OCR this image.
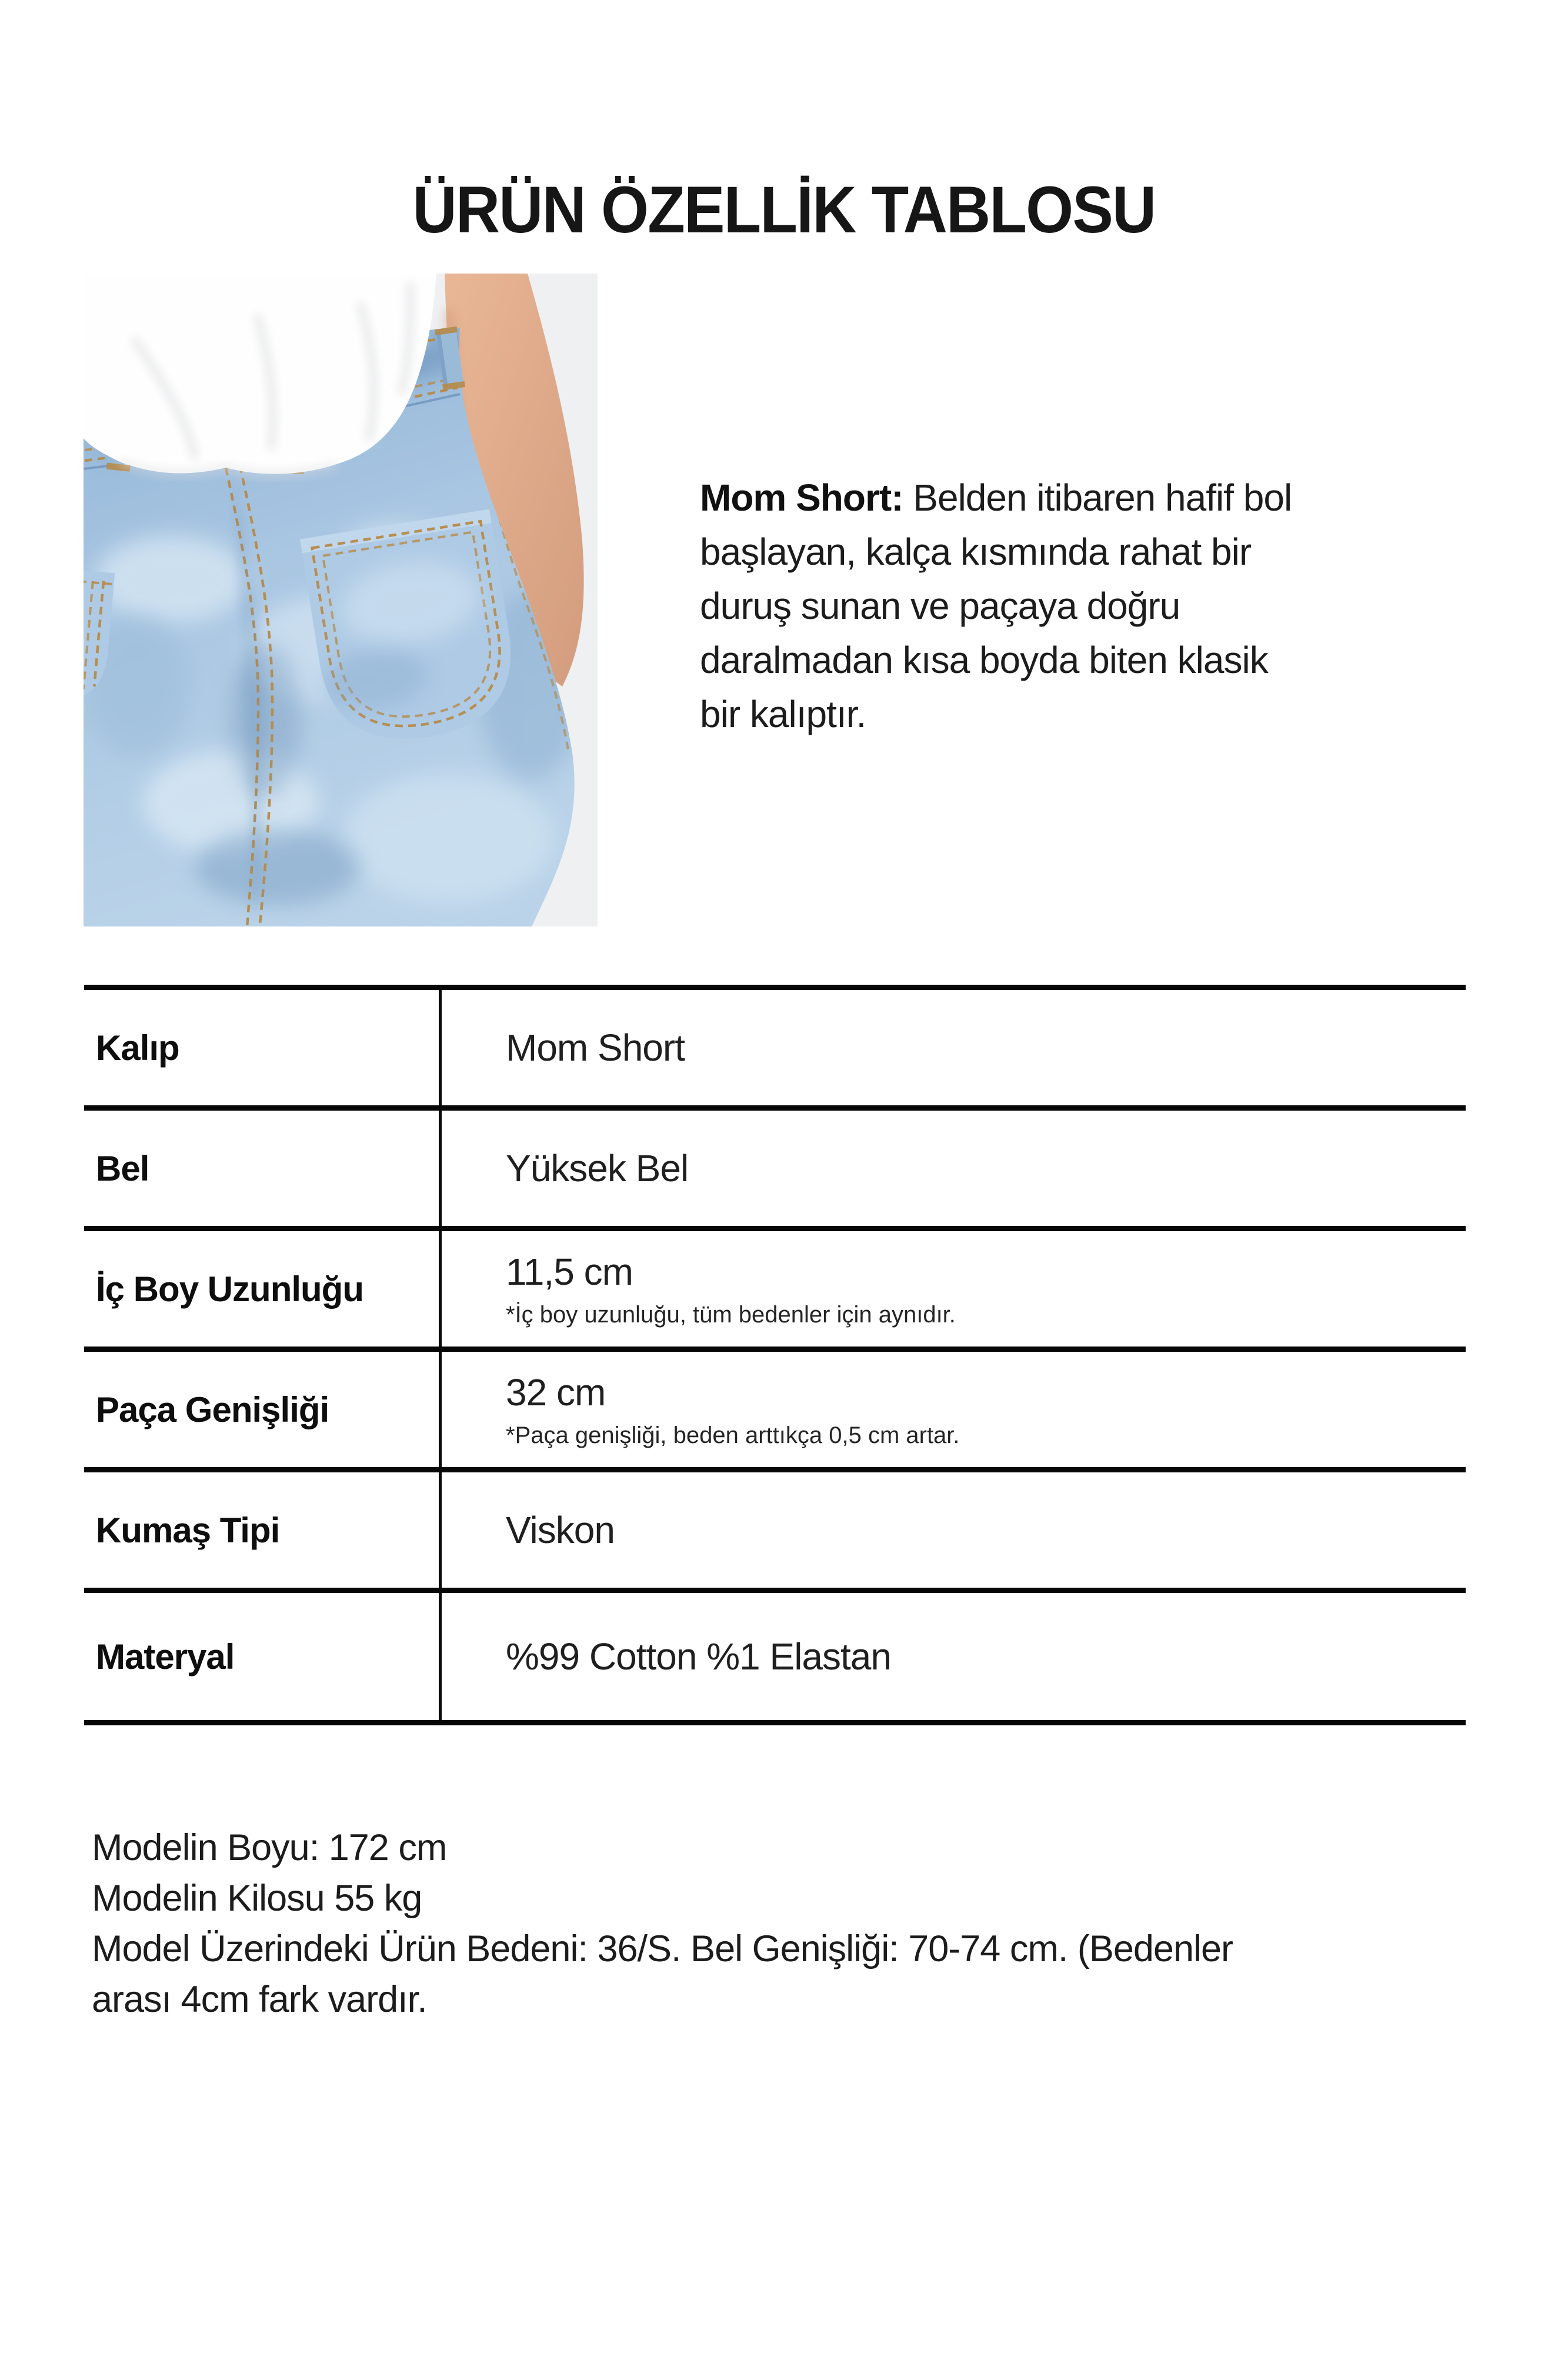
ÜRÜN ÖZELLİK TABLOSU
Mom Short: Belden itibaren hafif bol
başlayan, kalça kısmında rahat bir
duruş sunan ve paçaya doğru
daralmadan kısa boyda biten klasik
bir kalıptır.
Kalıp	Mom Short
Bel	Yüksek Bel
İç Boy Uzunluğu	11,5 cm
*İç boy uzunluğu, tüm bedenler için aynıdır.
Paça Genişliği	32 cm
*Paça genişliği, beden arttıkça 0,5 cm artar.
Kumaş Tipi	Viskon
Materyal	%99 Cotton %1 Elastan
Modelin Boyu: 172 cm
Modelin Kilosu 55 kg
Model Üzerindeki Ürün Bedeni: 36/S. Bel Genişliği: 70-74 cm. (Bedenler
arası 4cm fark vardır.
